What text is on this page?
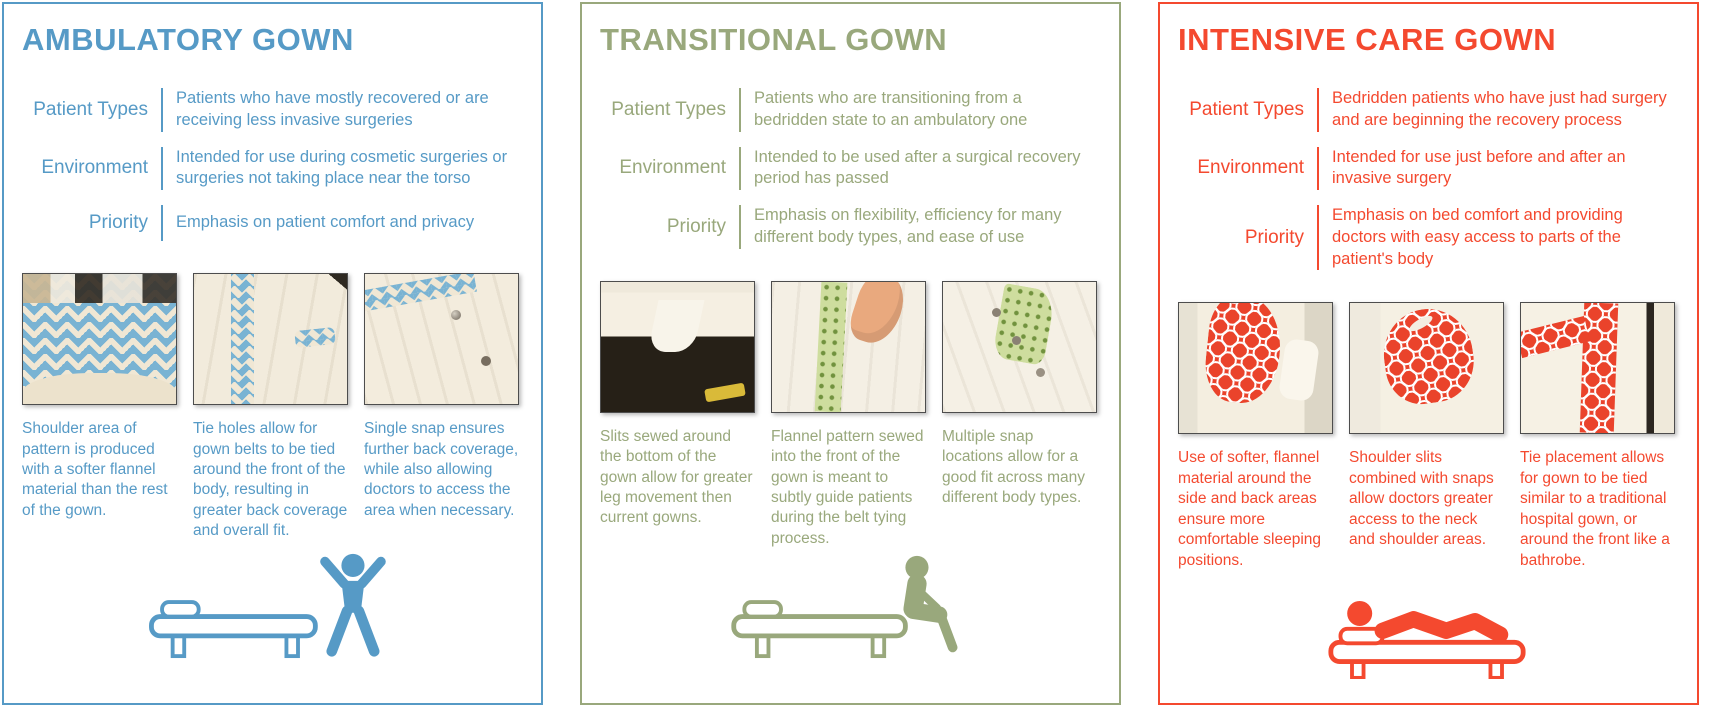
AMBULATORY GOWN
Patient Types
Patients who have mostly recovered or are receiving less invasive surgeries
Environment
Intended for use during cosmetic surgeries or surgeries not taking place near the torso
Priority Emphasis on patient comfort and privacy
Shoulder area of pattern is produced with a softer flannel material than the rest of the gown.
Tie holes allow for gown belts to be tied around the front of the body, resulting in greater back coverage and overall fit.
Single snap ensures further back coverage, while also allowing doctors to access the area when necessary.
TRANSITIONAL GOWN
Patient Types
Patients who are transitioning from a bedridden state to an ambulatory one
Environment
Intended to be used after a surgical recovery period has passed
Priority
Emphasis on flexibility, efficiency for many different body types, and ease of use
Slits sewed around the bottom of the gown allow for greater leg movement then current gowns.
Flannel pattern sewed into the front of the gown is meant to subtly guide patients during the belt tying process.
Multiple snap locations allow for a good fit across many different body types.
INTENSIVE CARE GOWN
Patient Types
Bedridden patients who have just had surgery and are beginning the recovery process
Environment
Intended for use just before and after an invasive surgery
Priority
Emphasis on bed comfort and providing doctors with easy access to parts of the patient's body
Use of softer, flannel material around the side and back areas ensure more comfortable sleeping positions.
Shoulder slits combined with snaps allow doctors greater access to the neck and shoulder areas.
Tie placement allows for gown to be tied similar to a traditional hospital gown, or around the front like a bathrobe.
